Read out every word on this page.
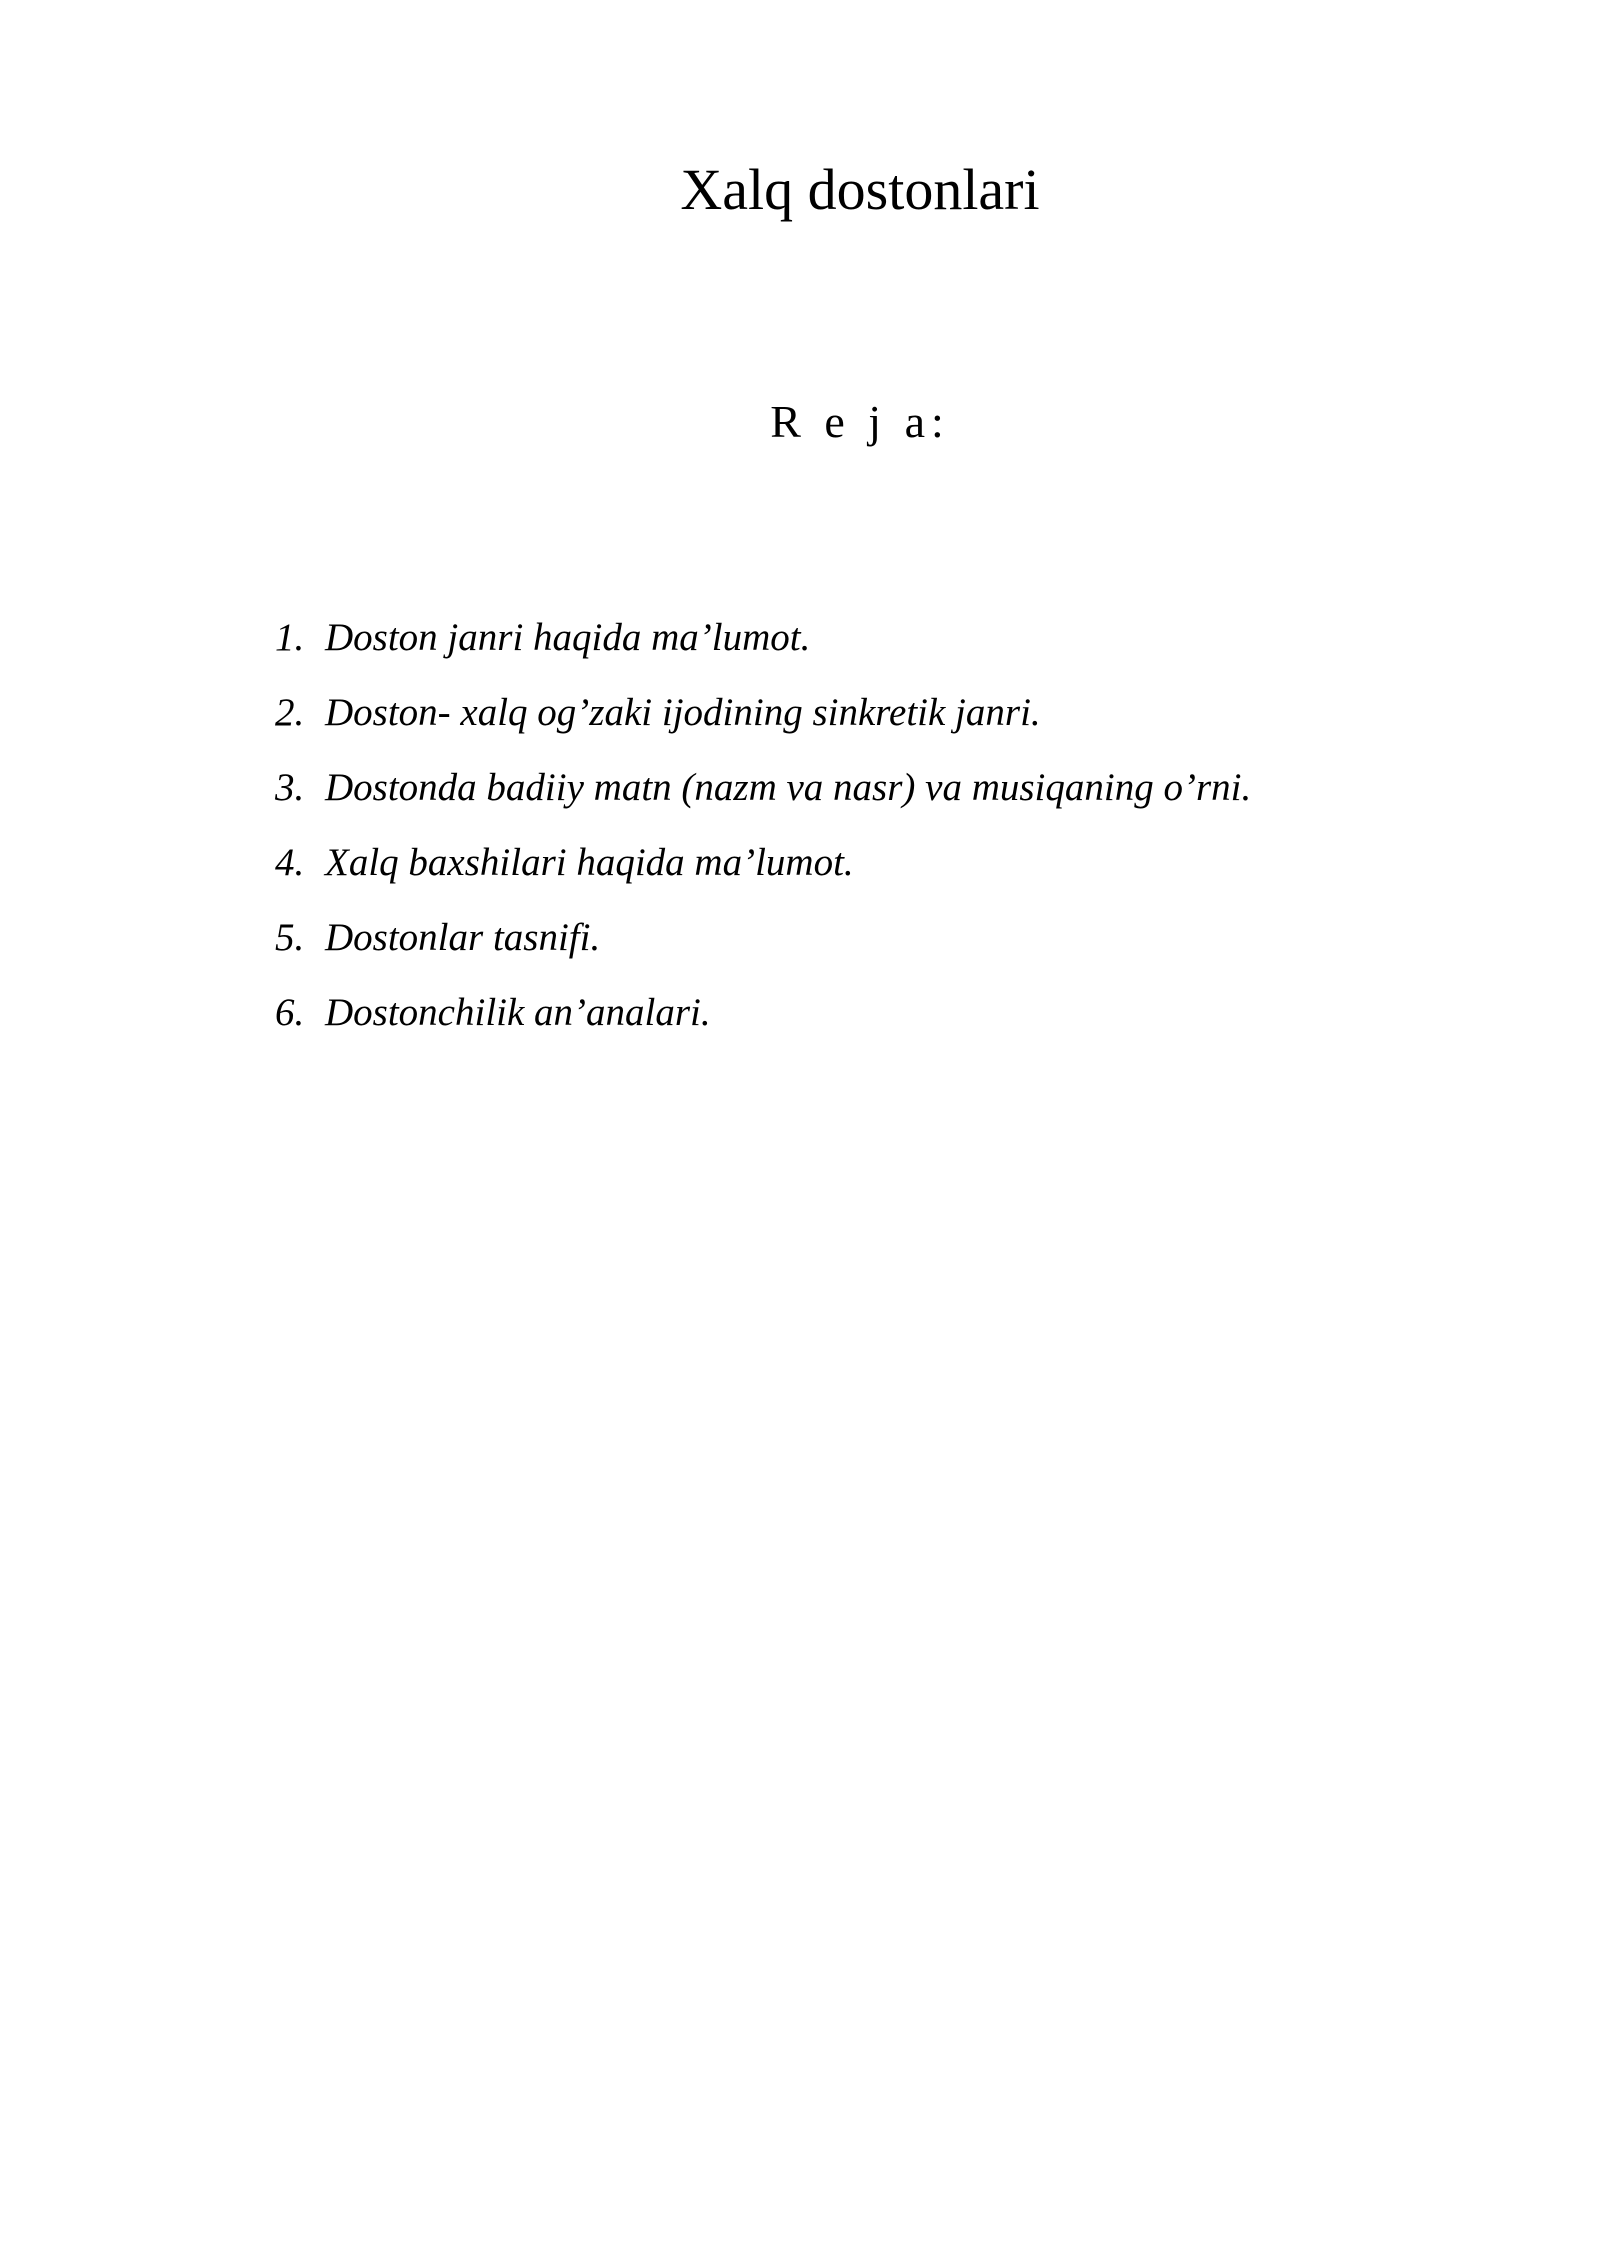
Xalq dostonlari
R e j a:
1. Doston janri haqida ma’lumot.
2. Doston- xalq og’zaki ijodining sinkretik janri.
3. Dostonda badiiy matn (nazm va nasr) va musiqaning o’rni.
4. Xalq baxshilari haqida ma’lumot.
5. Dostonlar tasnifi.
6. Dostonchilik an’analari.
